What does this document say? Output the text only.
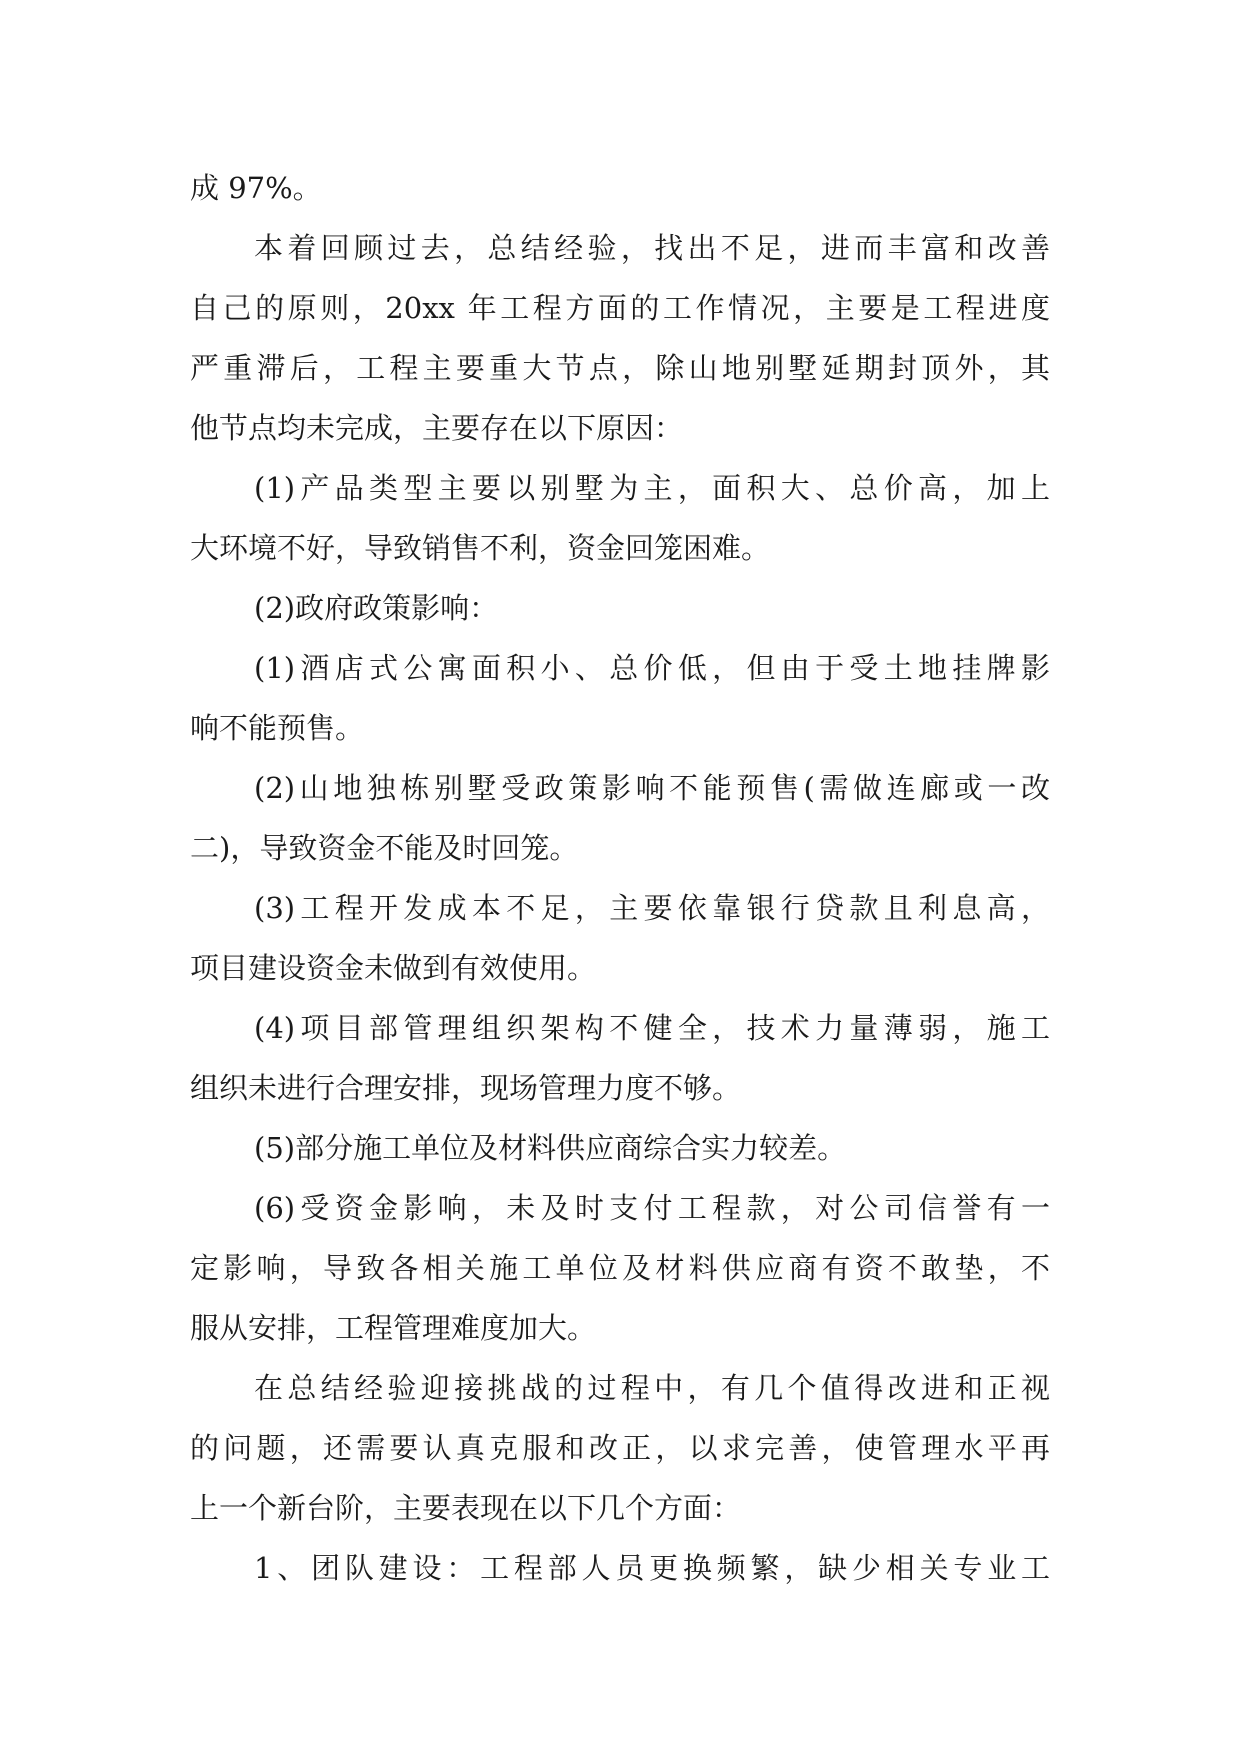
成 97%。
本着回顾过去，总结经验，找出不足，进而丰富和改善
自己的原则，20xx 年工程方面的工作情况，主要是工程进度
严重滞后，工程主要重大节点，除山地别墅延期封顶外，其
他节点均未完成，主要存在以下原因：
(1)产品类型主要以别墅为主，面积大、总价高，加上
大环境不好，导致销售不利，资金回笼困难。
(2)政府政策影响：
(1)酒店式公寓面积小、总价低，但由于受土地挂牌影
响不能预售。
(2)山地独栋别墅受政策影响不能预售(需做连廊或一改
二)，导致资金不能及时回笼。
(3)工程开发成本不足，主要依靠银行贷款且利息高，
项目建设资金未做到有效使用。
(4)项目部管理组织架构不健全，技术力量薄弱，施工
组织未进行合理安排，现场管理力度不够。
(5)部分施工单位及材料供应商综合实力较差。
(6)受资金影响，未及时支付工程款，对公司信誉有一
定影响，导致各相关施工单位及材料供应商有资不敢垫，不
服从安排，工程管理难度加大。
在总结经验迎接挑战的过程中，有几个值得改进和正视
的问题，还需要认真克服和改正，以求完善，使管理水平再
上一个新台阶，主要表现在以下几个方面：
1、团队建设：工程部人员更换频繁，缺少相关专业工
